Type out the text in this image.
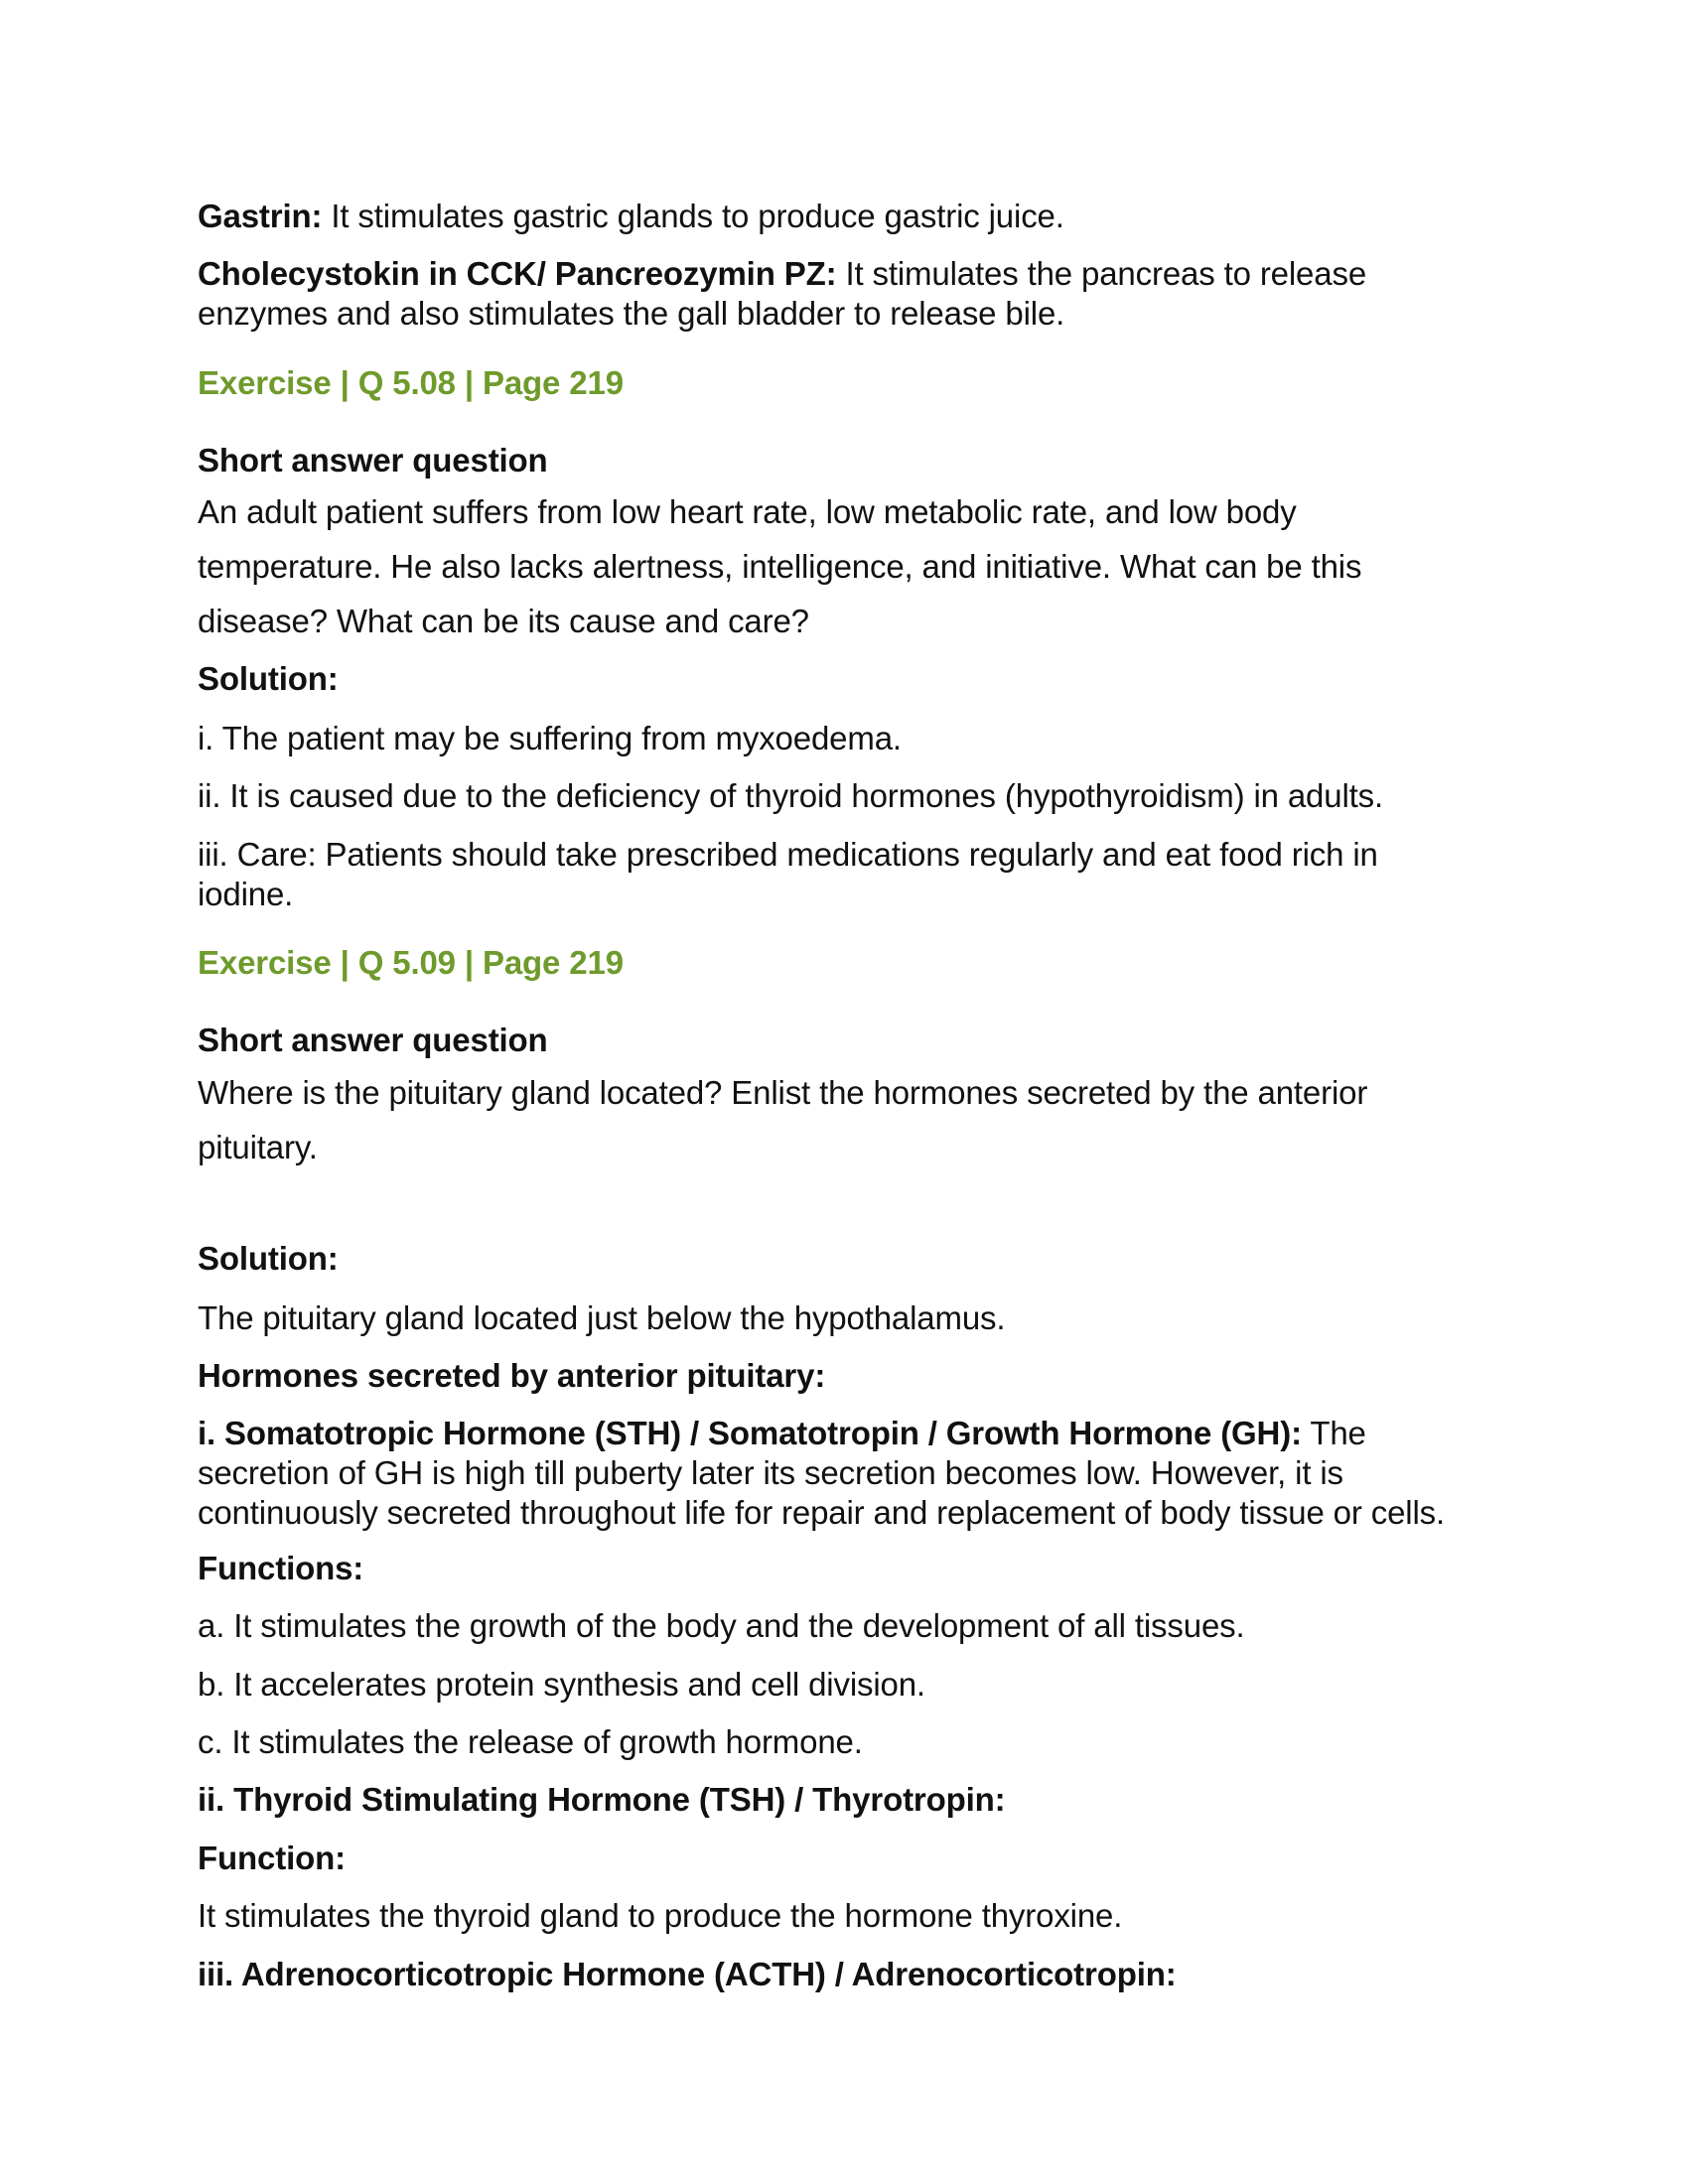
Gastrin: It stimulates gastric glands to produce gastric juice.

Cholecystokin in CCK/ Pancreozymin PZ: It stimulates the pancreas to release enzymes and also stimulates the gall bladder to release bile.

Exercise | Q 5.08 | Page 219

Short answer question

An adult patient suffers from low heart rate, low metabolic rate, and low body temperature. He also lacks alertness, intelligence, and initiative. What can be this disease? What can be its cause and care?

Solution:

i. The patient may be suffering from myxoedema.

ii. It is caused due to the deficiency of thyroid hormones (hypothyroidism) in adults.

iii. Care: Patients should take prescribed medications regularly and eat food rich in iodine.

Exercise | Q 5.09 | Page 219

Short answer question

Where is the pituitary gland located? Enlist the hormones secreted by the anterior pituitary.

Solution:

The pituitary gland located just below the hypothalamus.

Hormones secreted by anterior pituitary:

i. Somatotropic Hormone (STH) / Somatotropin / Growth Hormone (GH): The secretion of GH is high till puberty later its secretion becomes low. However, it is continuously secreted throughout life for repair and replacement of body tissue or cells.

Functions:

a. It stimulates the growth of the body and the development of all tissues.

b. It accelerates protein synthesis and cell division.

c. It stimulates the release of growth hormone.

ii. Thyroid Stimulating Hormone (TSH) / Thyrotropin:

Function:

It stimulates the thyroid gland to produce the hormone thyroxine.

iii. Adrenocorticotropic Hormone (ACTH) / Adrenocorticotropin:
